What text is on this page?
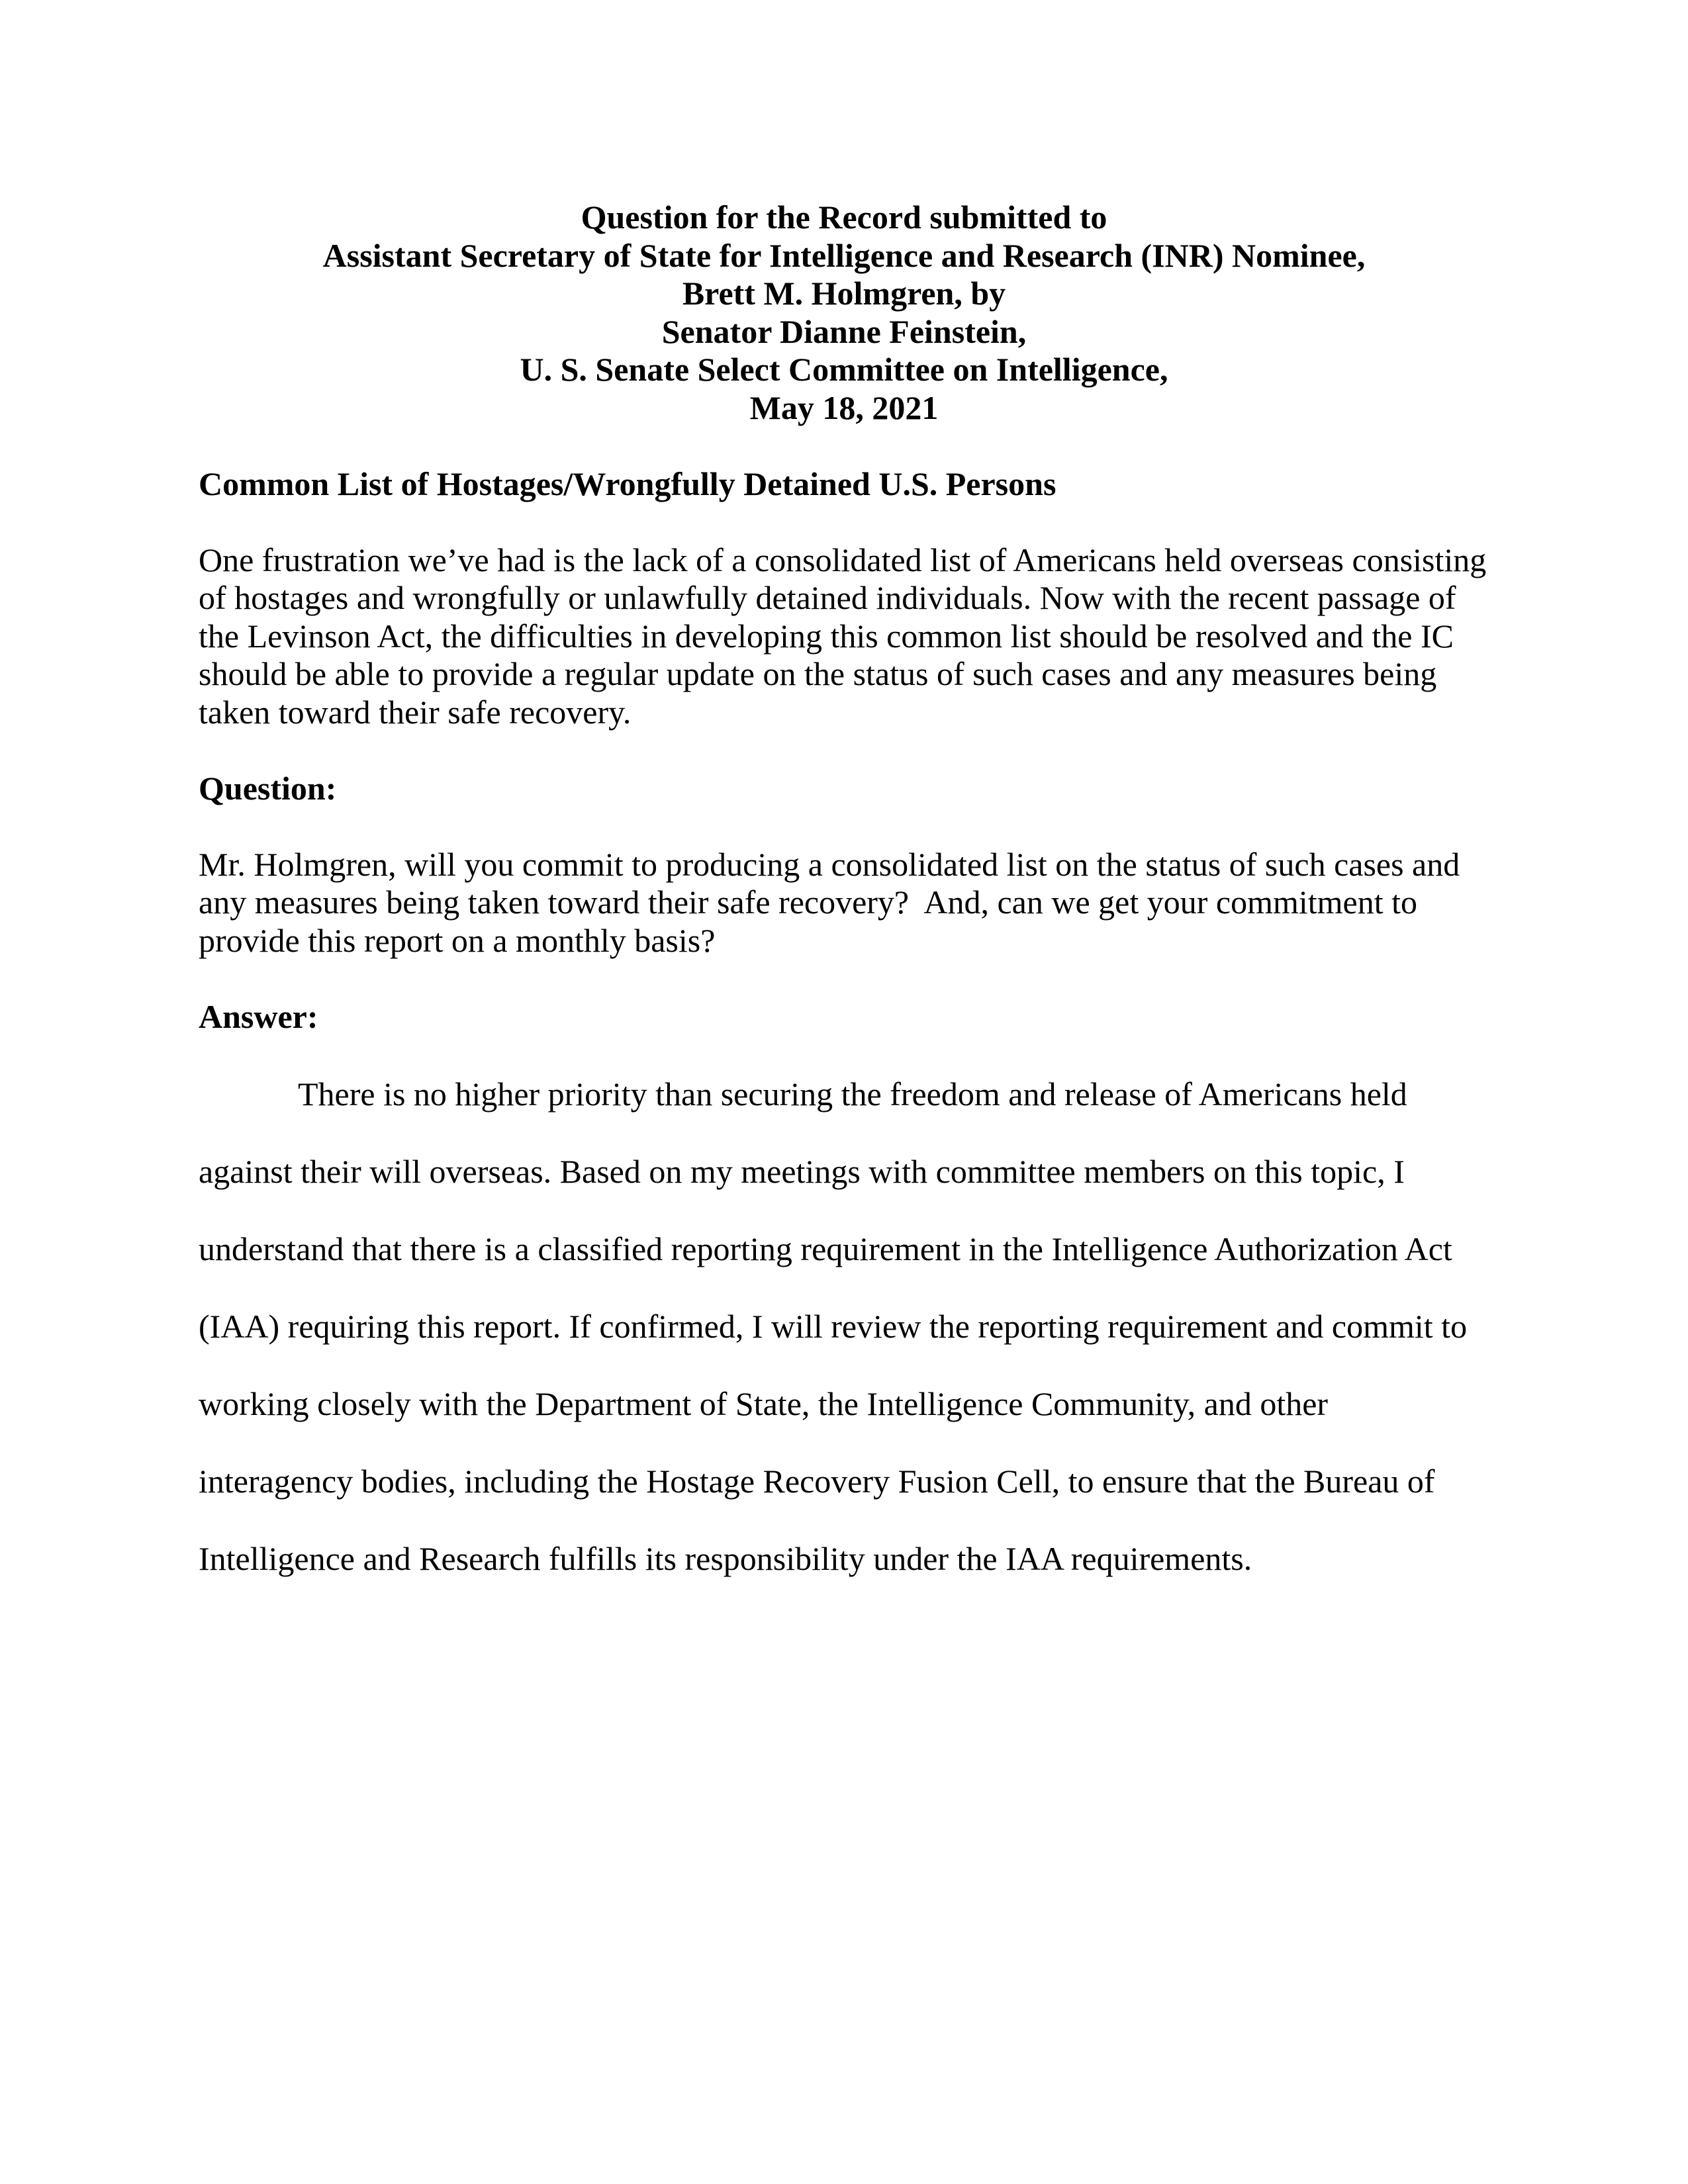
Question for the Record submitted to
Assistant Secretary of State for Intelligence and Research (INR) Nominee,
Brett M. Holmgren, by
Senator Dianne Feinstein,
U. S. Senate Select Committee on Intelligence,
May 18, 2021
Common List of Hostages/Wrongfully Detained U.S. Persons
One frustration we’ve had is the lack of a consolidated list of Americans held overseas consisting
of hostages and wrongfully or unlawfully detained individuals. Now with the recent passage of
the Levinson Act, the difficulties in developing this common list should be resolved and the IC
should be able to provide a regular update on the status of such cases and any measures being
taken toward their safe recovery.
Question:
Mr. Holmgren, will you commit to producing a consolidated list on the status of such cases and
any measures being taken toward their safe recovery?  And, can we get your commitment to
provide this report on a monthly basis?
Answer:
There is no higher priority than securing the freedom and release of Americans held
against their will overseas. Based on my meetings with committee members on this topic, I
understand that there is a classified reporting requirement in the Intelligence Authorization Act
(IAA) requiring this report. If confirmed, I will review the reporting requirement and commit to
working closely with the Department of State, the Intelligence Community, and other
interagency bodies, including the Hostage Recovery Fusion Cell, to ensure that the Bureau of
Intelligence and Research fulfills its responsibility under the IAA requirements.
